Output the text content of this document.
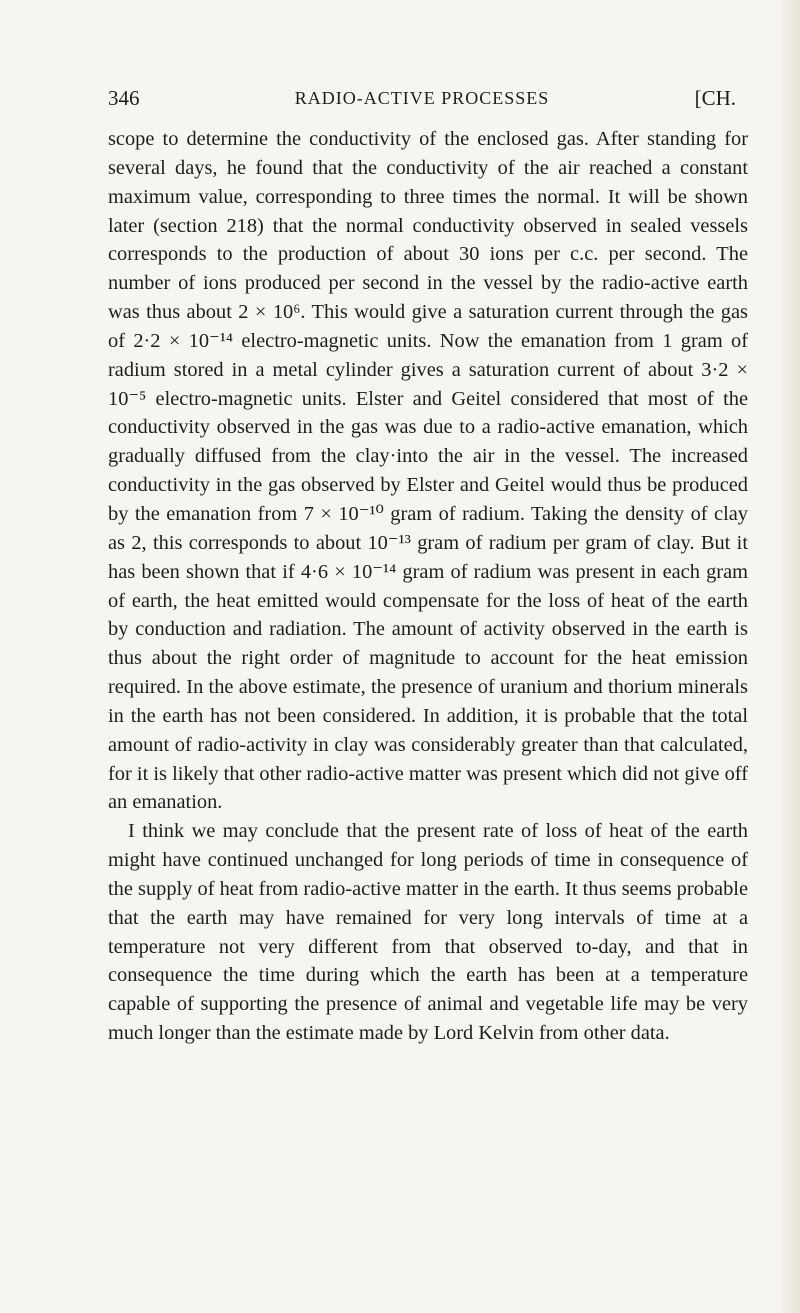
346	RADIO-ACTIVE PROCESSES	[CH.

scope to determine the conductivity of the enclosed gas. After standing for several days, he found that the conductivity of the air reached a constant maximum value, corresponding to three times the normal. It will be shown later (section 218) that the normal conductivity observed in sealed vessels corresponds to the production of about 30 ions per c.c. per second. The number of ions produced per second in the vessel by the radio-active earth was thus about 2 × 10⁶. This would give a saturation current through the gas of 2·2 × 10⁻¹⁴ electro-magnetic units. Now the emanation from 1 gram of radium stored in a metal cylinder gives a saturation current of about 3·2 × 10⁻⁵ electro-magnetic units. Elster and Geitel considered that most of the conductivity observed in the gas was due to a radio-active emanation, which gradually diffused from the clay·into the air in the vessel. The increased conductivity in the gas observed by Elster and Geitel would thus be produced by the emanation from 7 × 10⁻¹⁰ gram of radium. Taking the density of clay as 2, this corresponds to about 10⁻¹³ gram of radium per gram of clay. But it has been shown that if 4·6 × 10⁻¹⁴ gram of radium was present in each gram of earth, the heat emitted would compensate for the loss of heat of the earth by conduction and radiation. The amount of activity observed in the earth is thus about the right order of magnitude to account for the heat emission required. In the above estimate, the presence of uranium and thorium minerals in the earth has not been considered. In addition, it is probable that the total amount of radio-activity in clay was considerably greater than that calculated, for it is likely that other radio-active matter was present which did not give off an emanation.

I think we may conclude that the present rate of loss of heat of the earth might have continued unchanged for long periods of time in consequence of the supply of heat from radio-active matter in the earth. It thus seems probable that the earth may have remained for very long intervals of time at a temperature not very different from that observed to-day, and that in consequence the time during which the earth has been at a temperature capable of supporting the presence of animal and vegetable life may be very much longer than the estimate made by Lord Kelvin from other data.
